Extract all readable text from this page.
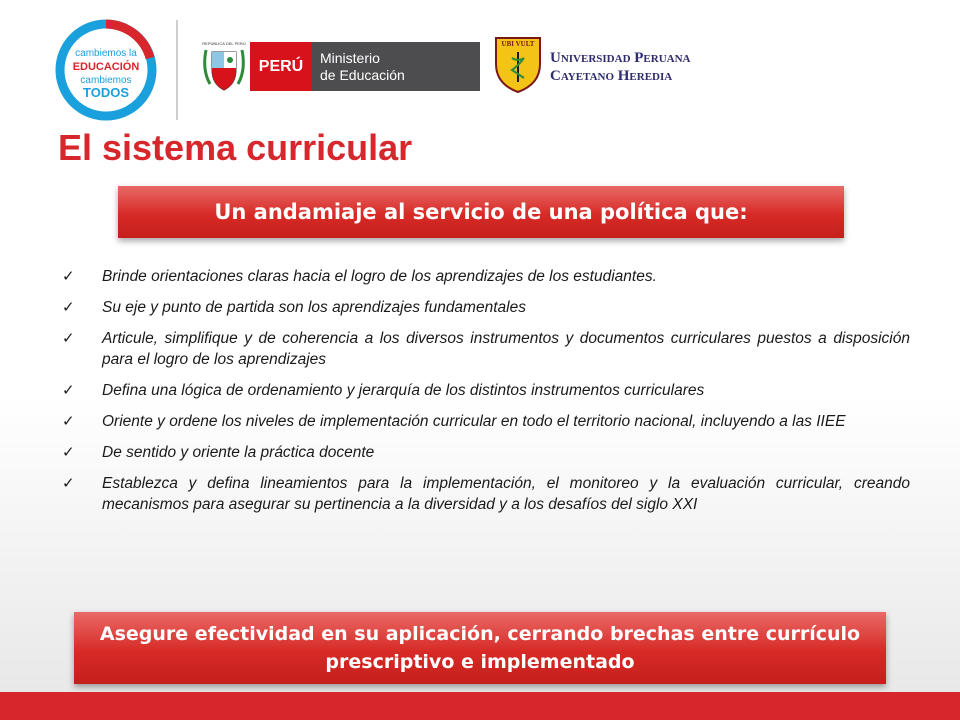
cambiemos la
EDUCACIÓN
cambiemos
TODOS
REPÚBLICA DEL PERÚ
PERÚ	Ministerio
de Educación
UBI VULT
Universidad Peruana
Cayetano Heredia
El sistema curricular
Un andamiaje al servicio de una política que:
✓ Brinde orientaciones claras hacia el logro de los aprendizajes de los estudiantes.
✓ Su eje y punto de partida son los aprendizajes fundamentales
✓ Articule, simplifique y de coherencia a los diversos instrumentos y documentos curriculares puestos a disposición para el logro de los aprendizajes
✓ Defina una lógica de ordenamiento y jerarquía de los distintos instrumentos curriculares
✓ Oriente y ordene los niveles de implementación curricular en todo el territorio nacional, incluyendo a las IIEE
✓ De sentido y oriente la práctica docente
✓ Establezca y defina lineamientos para la implementación, el monitoreo y la evaluación curricular, creando mecanismos para asegurar su pertinencia a la diversidad y a los desafíos del siglo XXI
Asegure efectividad en su aplicación, cerrando brechas entre currículo prescriptivo e implementado
